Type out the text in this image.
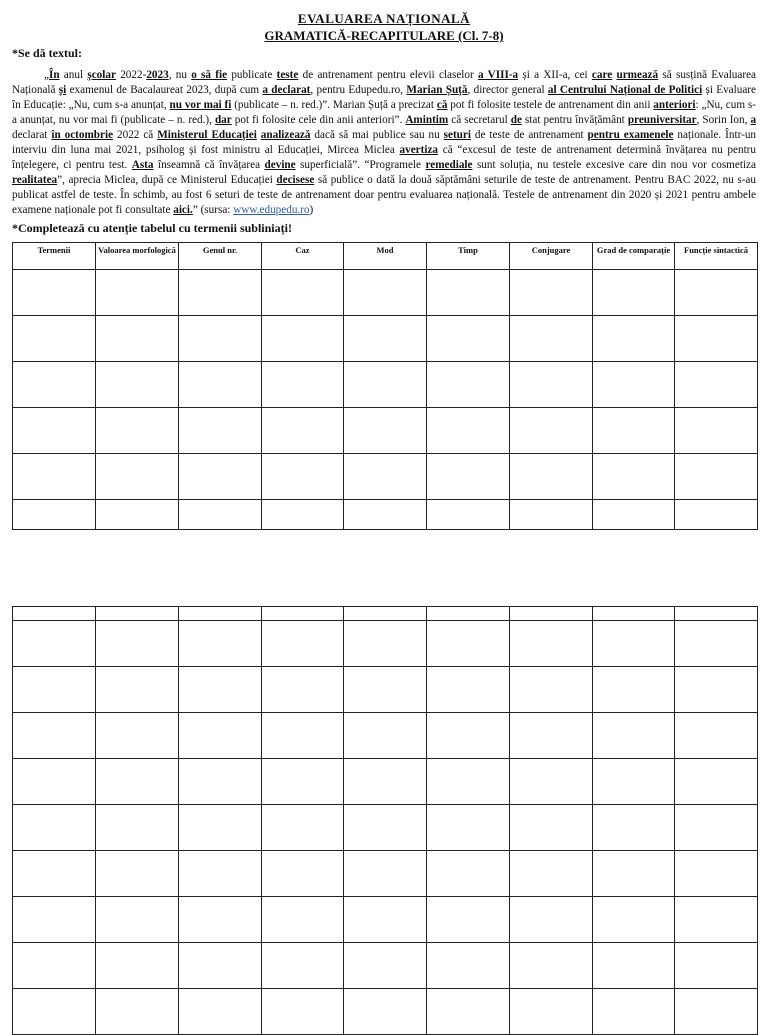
EVALUAREA NAȚIONALĂ
GRAMATICĂ-RECAPITULARE (Cl. 7-8)
*Se dă textul:
„În anul școlar 2022-2023, nu o să fie publicate teste de antrenament pentru elevii claselor a VIII-a și a XII-a, cei care urmează să susțină Evaluarea Națională și examenul de Bacalaureat 2023, după cum a declarat, pentru Edupedu.ro, Marian Șuță, director general al Centrului Național de Politici și Evaluare în Educație: „Nu, cum s-a anunțat, nu vor mai fi (publicate – n. red.)”. Marian Șuță a precizat că pot fi folosite testele de antrenament din anii anteriori: „Nu, cum s-a anunțat, nu vor mai fi (publicate – n. red.), dar pot fi folosite cele din anii anteriori”. Amintim că secretarul de stat pentru învățământ preuniversitar, Sorin Ion, a declarat în octombrie 2022 că Ministerul Educației analizează dacă să mai publice sau nu seturi de teste de antrenament pentru examenele naționale. Într-un interviu din luna mai 2021, psiholog și fost ministru al Educației, Mircea Miclea avertiza că “excesul de teste de antrenament determină învățarea nu pentru înțelegere, ci pentru test. Asta înseamnă că învățarea devine superficială”. “Programele remediale sunt soluția, nu testele excesive care din nou vor cosmetiza realitatea”, aprecia Miclea, după ce Ministerul Educației decisese să publice o dată la două săptămâni seturile de teste de antrenament. Pentru BAC 2022, nu s-au publicat astfel de teste. În schimb, au fost 6 seturi de teste de antrenament doar pentru evaluarea națională. Testele de antrenament din 2020 și 2021 pentru ambele examene naționale pot fi consultate aici.” (sursa: www.edupedu.ro)
*Completează cu atenție tabelul cu termenii subliniați!
Termenii	Valoarea morfologică	Genul nr.	Caz	Mod	Timp	Conjugare	Grad de comparație	Funcție sintactică
